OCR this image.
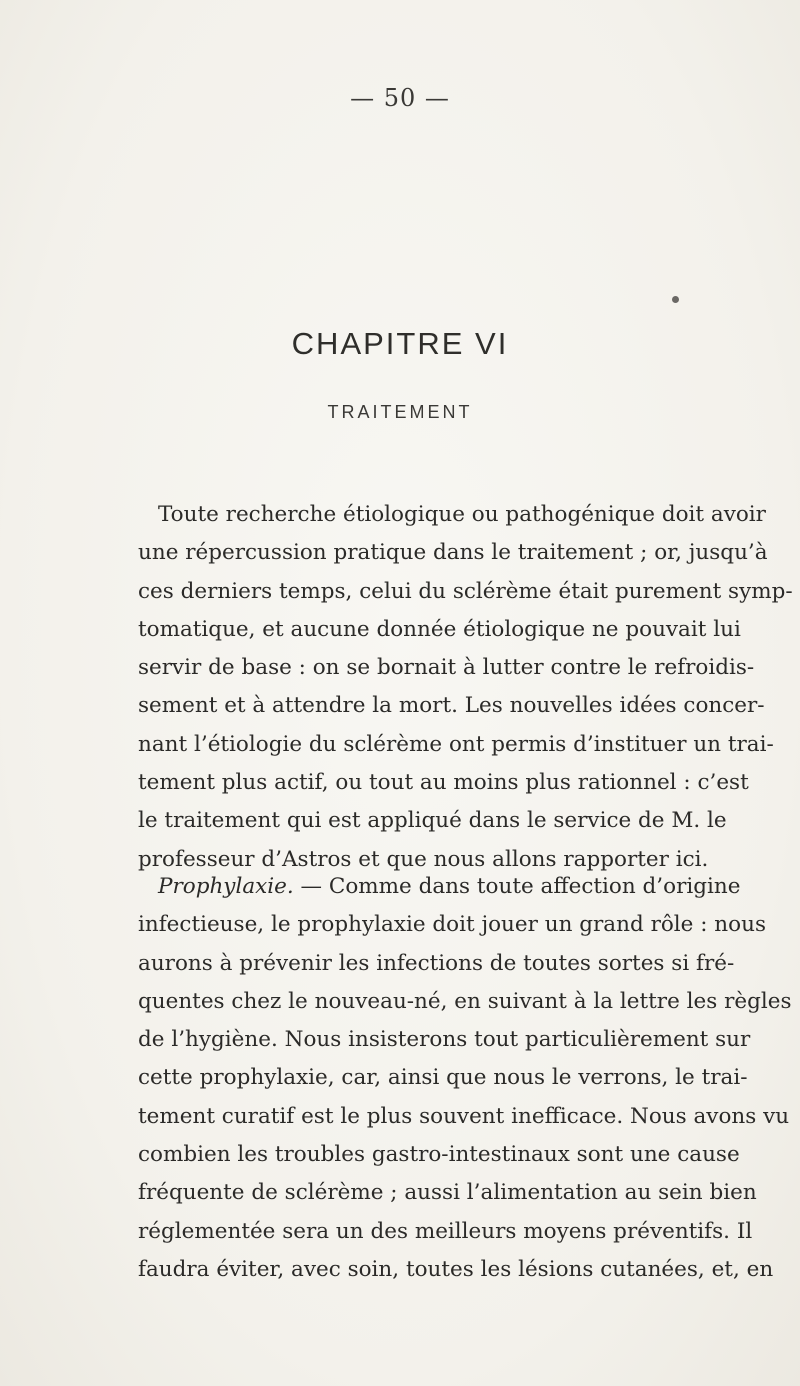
— 50 —
CHAPITRE VI
TRAITEMENT
Toute recherche étiologique ou pathogénique doit avoir
une répercussion pratique dans le traitement ; or, jusqu’à
ces derniers temps, celui du sclérème était purement symp-
tomatique, et aucune donnée étiologique ne pouvait lui
servir de base : on se bornait à lutter contre le refroidis-
sement et à attendre la mort. Les nouvelles idées concer-
nant l’étiologie du sclérème ont permis d’instituer un trai-
tement plus actif, ou tout au moins plus rationnel : c’est
le traitement qui est appliqué dans le service de M. le
professeur d’Astros et que nous allons rapporter ici.
Prophylaxie. — Comme dans toute affection d’origine
infectieuse, le prophylaxie doit jouer un grand rôle : nous
aurons à prévenir les infections de toutes sortes si fré-
quentes chez le nouveau-né, en suivant à la lettre les règles
de l’hygiène. Nous insisterons tout particulièrement sur
cette prophylaxie, car, ainsi que nous le verrons, le trai-
tement curatif est le plus souvent inefficace. Nous avons vu
combien les troubles gastro-intestinaux sont une cause
fréquente de sclérème ; aussi l’alimentation au sein bien
réglementée sera un des meilleurs moyens préventifs. Il
faudra éviter, avec soin, toutes les lésions cutanées, et, en
